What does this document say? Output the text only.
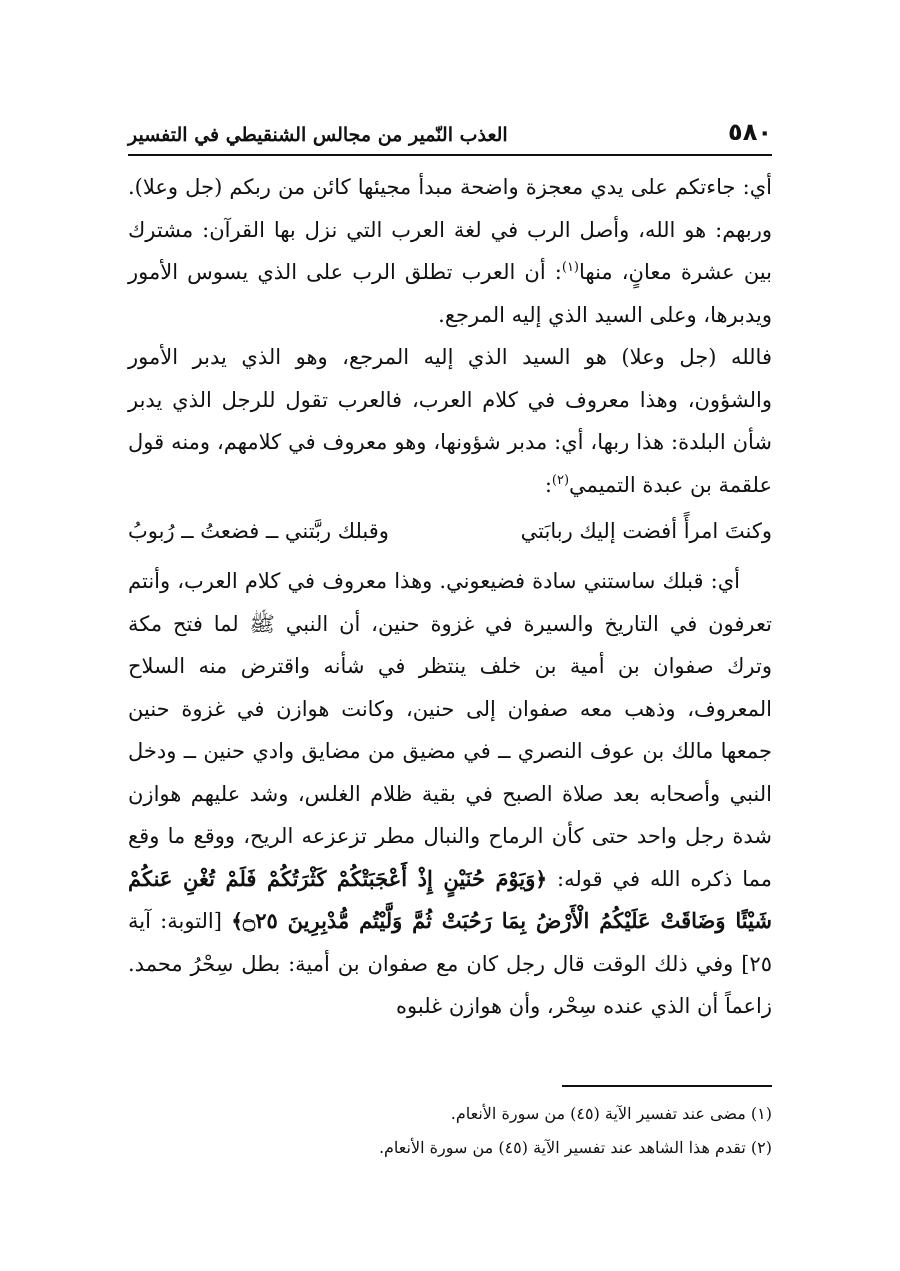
٥٨٠
العذب النّمير من مجالس الشنقيطي في التفسير

أي: جاءتكم على يدي معجزة واضحة مبدأ مجيئها كائن من ربكم (جل وعلا). وربهم: هو الله، وأصل الرب في لغة العرب التي نزل بها القرآن: مشترك بين عشرة معانٍ، منها$^{(١)}$: أن العرب تطلق الرب على الذي يسوس الأمور ويدبرها، وعلى السيد الذي إليه المرجع.

فالله (جل وعلا) هو السيد الذي إليه المرجع، وهو الذي يدبر الأمور والشؤون، وهذا معروف في كلام العرب، فالعرب تقول للرجل الذي يدبر شأن البلدة: هذا ربها، أي: مدبر شؤونها، وهو معروف في كلامهم، ومنه قول علقمة بن عبدة التميمي$^{(٢)}$:

وكنتَ امرأً أفضت إليك ربابَتي
وقبلك ربَّتني ــ فضعتُ ــ رُبوبُ

أي: قبلك ساستني سادة فضيعوني. وهذا معروف في كلام العرب، وأنتم تعرفون في التاريخ والسيرة في غزوة حنين، أن النبي ﷺ لما فتح مكة وترك صفوان بن أمية بن خلف ينتظر في شأنه واقترض منه السلاح المعروف، وذهب معه صفوان إلى حنين، وكانت هوازن في غزوة حنين جمعها مالك بن عوف النصري ــ في مضيق من مضايق وادي حنين ــ ودخل النبي وأصحابه بعد صلاة الصبح في بقية ظلام الغلس، وشد عليهم هوازن شدة رجل واحد حتى كأن الرماح والنبال مطر تزعزعه الريح، ووقع ما وقع مما ذكره الله في قوله: ﴿وَيَوْمَ حُنَيْنٍ إِذْ أَعْجَبَتْكُمْ كَثْرَتُكُمْ فَلَمْ تُغْنِ عَنكُمْ شَيْئًا وَضَاقَتْ عَلَيْكُمُ الْأَرْضُ بِمَا رَحُبَتْ ثُمَّ وَلَّيْتُم مُّدْبِرِينَ ۝٢٥﴾ [التوبة: آية ٢٥] وفي ذلك الوقت قال رجل كان مع صفوان بن أمية: بطل سِحْرُ محمد. زاعماً أن الذي عنده سِحْر، وأن هوازن غلبوه

(١) مضى عند تفسير الآية (٤٥) من سورة الأنعام.

(٢) تقدم هذا الشاهد عند تفسير الآية (٤٥) من سورة الأنعام.
